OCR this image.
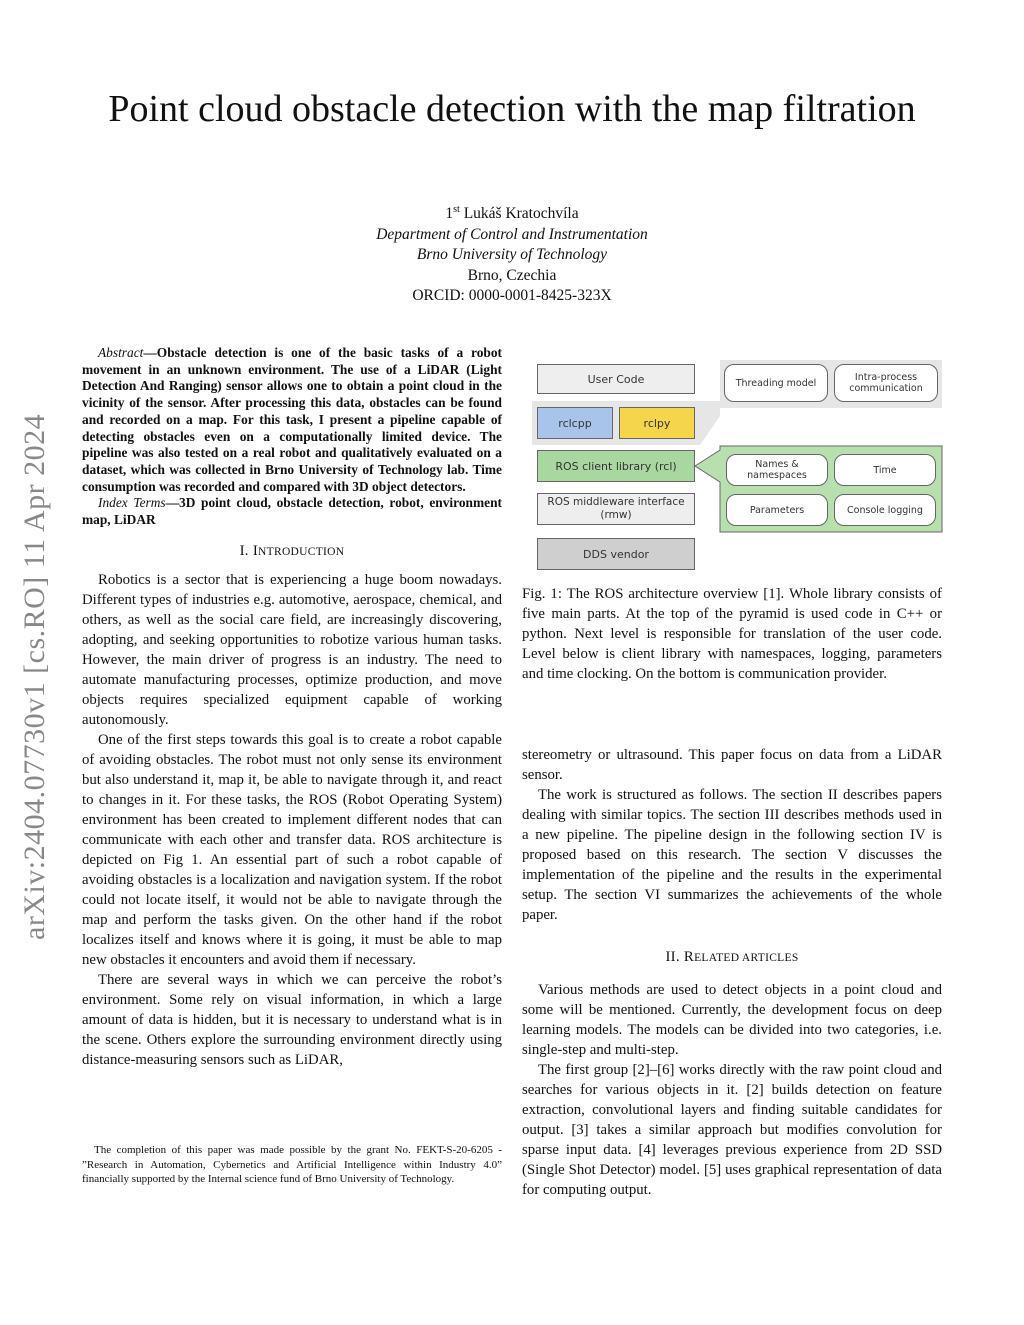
arXiv:2404.07730v1 [cs.RO] 11 Apr 2024
Point cloud obstacle detection with the map filtration
1st Lukáš Kratochvíla
Department of Control and Instrumentation
Brno University of Technology
Brno, Czechia
ORCID: 0000-0001-8425-323X

Abstract—Obstacle detection is one of the basic tasks of a robot movement in an unknown environment. The use of a LiDAR (Light Detection And Ranging) sensor allows one to obtain a point cloud in the vicinity of the sensor. After processing this data, obstacles can be found and recorded on a map. For this task, I present a pipeline capable of detecting obstacles even on a computationally limited device. The pipeline was also tested on a real robot and qualitatively evaluated on a dataset, which was collected in Brno University of Technology lab. Time consumption was recorded and compared with 3D object detectors.

Index Terms—3D point cloud, obstacle detection, robot, environment map, LiDAR

I. INTRODUCTION

Robotics is a sector that is experiencing a huge boom nowadays. Different types of industries e.g. automotive, aerospace, chemical, and others, as well as the social care field, are increasingly discovering, adopting, and seeking opportunities to robotize various human tasks. However, the main driver of progress is an industry. The need to automate manufacturing processes, optimize production, and move objects requires specialized equipment capable of working autonomously.

One of the first steps towards this goal is to create a robot capable of avoiding obstacles. The robot must not only sense its environment but also understand it, map it, be able to navigate through it, and react to changes in it. For these tasks, the ROS (Robot Operating System) environment has been created to implement different nodes that can communicate with each other and transfer data. ROS architecture is depicted on Fig 1. An essential part of such a robot capable of avoiding obstacles is a localization and navigation system. If the robot could not locate itself, it would not be able to navigate through the map and perform the tasks given. On the other hand if the robot localizes itself and knows where it is going, it must be able to map new obstacles it encounters and avoid them if necessary.

There are several ways in which we can perceive the robot’s environment. Some rely on visual information, in which a large amount of data is hidden, but it is necessary to understand what is in the scene. Others explore the surrounding environment directly using distance-measuring sensors such as LiDAR,

The completion of this paper was made possible by the grant No. FEKT-S-20-6205 - ”Research in Automation, Cybernetics and Artificial Intelligence within Industry 4.0” financially supported by the Internal science fund of Brno University of Technology.

User Code
rclcpp	rclpy
ROS client library (rcl)
ROS middleware interface (rmw)
DDS vendor
Threading model	Intra-process communication
Names & namespaces	Time
Parameters	Console logging

Fig. 1: The ROS architecture overview [1]. Whole library consists of five main parts. At the top of the pyramid is used code in C++ or python. Next level is responsible for translation of the user code. Level below is client library with namespaces, logging, parameters and time clocking. On the bottom is communication provider.

stereometry or ultrasound. This paper focus on data from a LiDAR sensor.

The work is structured as follows. The section II describes papers dealing with similar topics. The section III describes methods used in a new pipeline. The pipeline design in the following section IV is proposed based on this research. The section V discusses the implementation of the pipeline and the results in the experimental setup. The section VI summarizes the achievements of the whole paper.

II. RELATED ARTICLES

Various methods are used to detect objects in a point cloud and some will be mentioned. Currently, the development focus on deep learning models. The models can be divided into two categories, i.e. single-step and multi-step.

The first group [2]–[6] works directly with the raw point cloud and searches for various objects in it. [2] builds detection on feature extraction, convolutional layers and finding suitable candidates for output. [3] takes a similar approach but modifies convolution for sparse input data. [4] leverages previous experience from 2D SSD (Single Shot Detector) model. [5] uses graphical representation of data for computing output.
